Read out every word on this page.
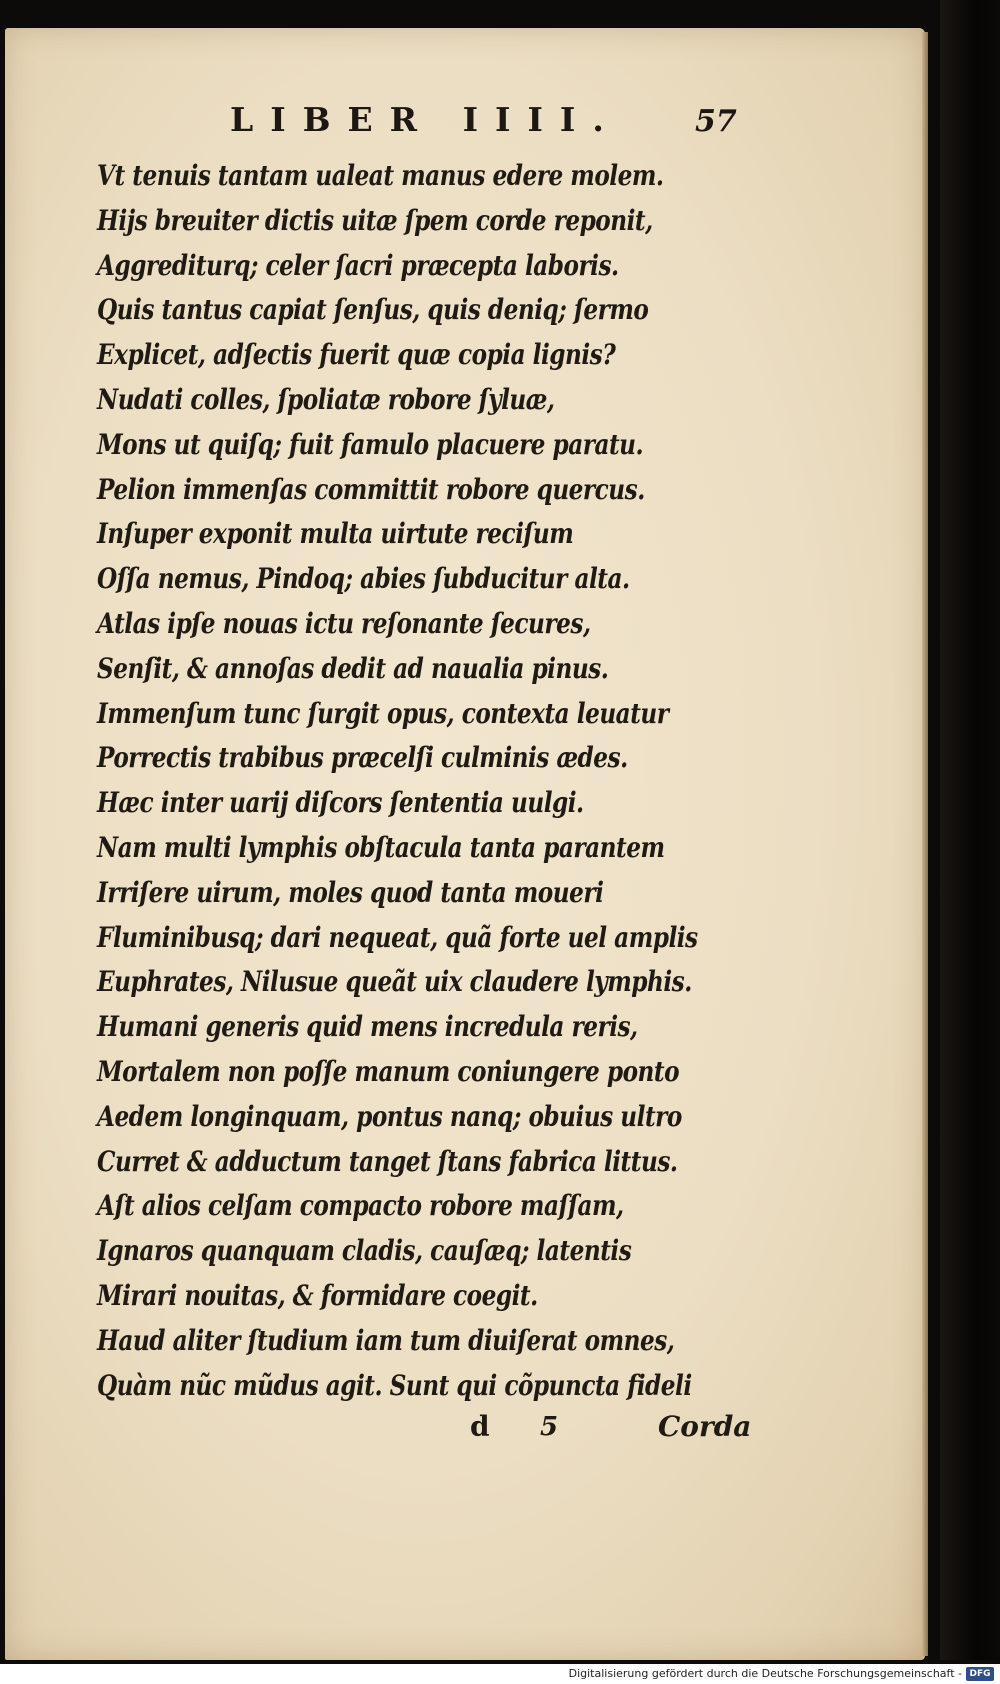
LIBER IIII. 57
Vt tenuis tantam ualeat manus edere molem.
Hijs breuiter dictis uitæ ſpem corde reponit,
Aggrediturq; celer ſacri præcepta laboris.
Quis tantus capiat ſenſus, quis deniq; ſermo
Explicet, adſectis fuerit quæ copia lignis?
Nudati colles, ſpoliatæ robore ſyluæ,
Mons ut quiſq; fuit famulo placuere paratu.
Pelion immenſas committit robore quercus.
Inſuper exponit multa uirtute reciſum
Oſſa nemus, Pindoq; abies ſubducitur alta.
Atlas ipſe nouas ictu reſonante ſecures,
Senſit, & annoſas dedit ad naualia pinus.
Immenſum tunc ſurgit opus, contexta leuatur
Porrectis trabibus præcelſi culminis ædes.
Hæc inter uarij diſcors ſententia uulgi.
Nam multi lymphis obſtacula tanta parantem
Irriſere uirum, moles quod tanta moueri
Fluminibusq; dari nequeat, quã forte uel amplis
Euphrates, Nilusue queãt uix claudere lymphis.
Humani generis quid mens incredula reris,
Mortalem non poſſe manum coniungere ponto
Aedem longinquam, pontus nanq; obuius ultro
Curret & adductum tanget ſtans fabrica littus.
Aſt alios celſam compacto robore maſſam,
Ignaros quanquam cladis, cauſæq; latentis
Mirari nouitas, & formidare coegit.
Haud aliter ſtudium iam tum diuiſerat omnes,
Quàm nũc mũdus agit. Sunt qui cõpuncta fideli
d 5	Corda
Digitalisierung gefördert durch die Deutsche Forschungsgemeinschaft - DFG
